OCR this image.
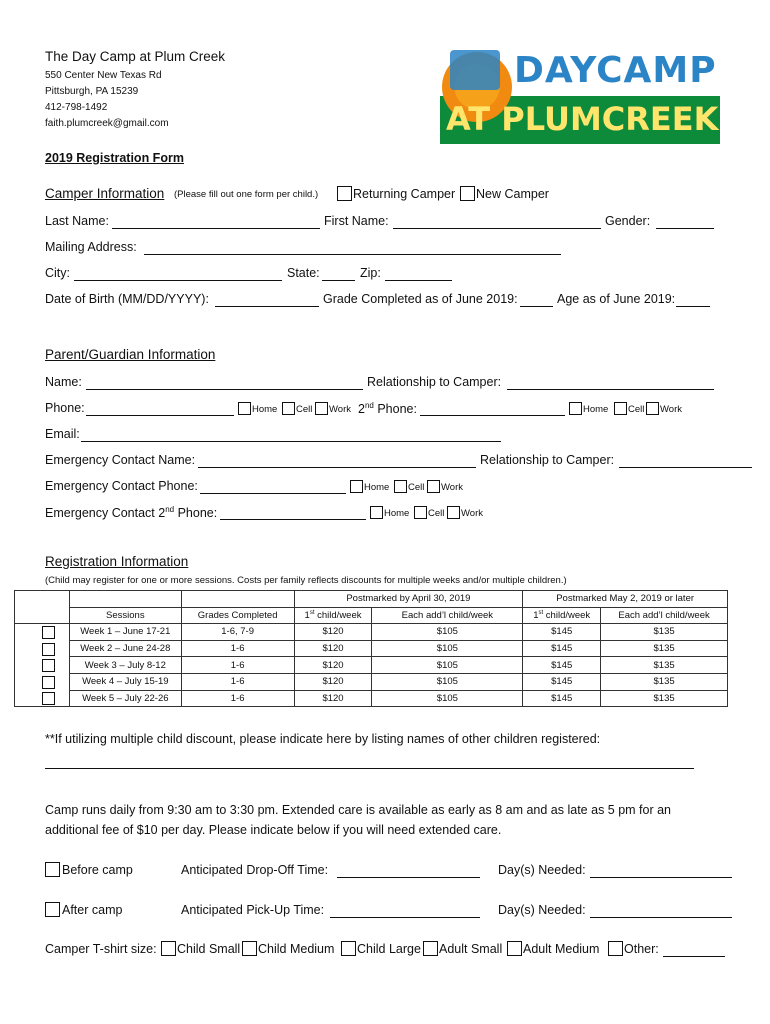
The Day Camp at Plum Creek
550 Center New Texas Rd
Pittsburgh, PA 15239
412-798-1492
faith.plumcreek@gmail.com
DAYCAMP
AT PLUMCREEK
2019 Registration Form
Camper Information (Please fill out one form per child.)	Returning Camper New Camper
Last Name:	First Name:	Gender:
Mailing Address:
City:	State:	Zip:
Date of Birth (MM/DD/YYYY):	Grade Completed as of June 2019:	Age as of June 2019:
Parent/Guardian Information
Name:	Relationship to Camper:
Phone:	Home Cell Work 2nd Phone:	Home Cell Work
Email:
Emergency Contact Name:	Relationship to Camper:
Emergency Contact Phone:	Home Cell Work
Emergency Contact 2nd Phone:	Home Cell Work
Registration Information
(Child may register for one or more sessions. Costs per family reflects discounts for multiple weeks and/or multiple children.)
			Postmarked by April 30, 2019		Postmarked May 2, 2019 or later	
	Sessions	Grades Completed	1st child/week	Each add’l child/week	1st child/week	Each add’l child/week
	Week 1 – June 17-21	1-6, 7-9	$120	$105	$145	$135
	Week 2 – June 24-28	1-6	$120	$105	$145	$135
	Week 3 – July 8-12	1-6	$120	$105	$145	$135
	Week 4 – July 15-19	1-6	$120	$105	$145	$135
	Week 5 – July 22-26	1-6	$120	$105	$145	$135
**If utilizing multiple child discount, please indicate here by listing names of other children registered:
Camp runs daily from 9:30 am to 3:30 pm. Extended care is available as early as 8 am and as late as 5 pm for an
additional fee of $10 per day. Please indicate below if you will need extended care.
Before camp	Anticipated Drop-Off Time:	Day(s) Needed:
After camp	Anticipated Pick-Up Time:	Day(s) Needed:
Camper T-shirt size: Child Small Child Medium Child Large Adult Small Adult Medium Other:
